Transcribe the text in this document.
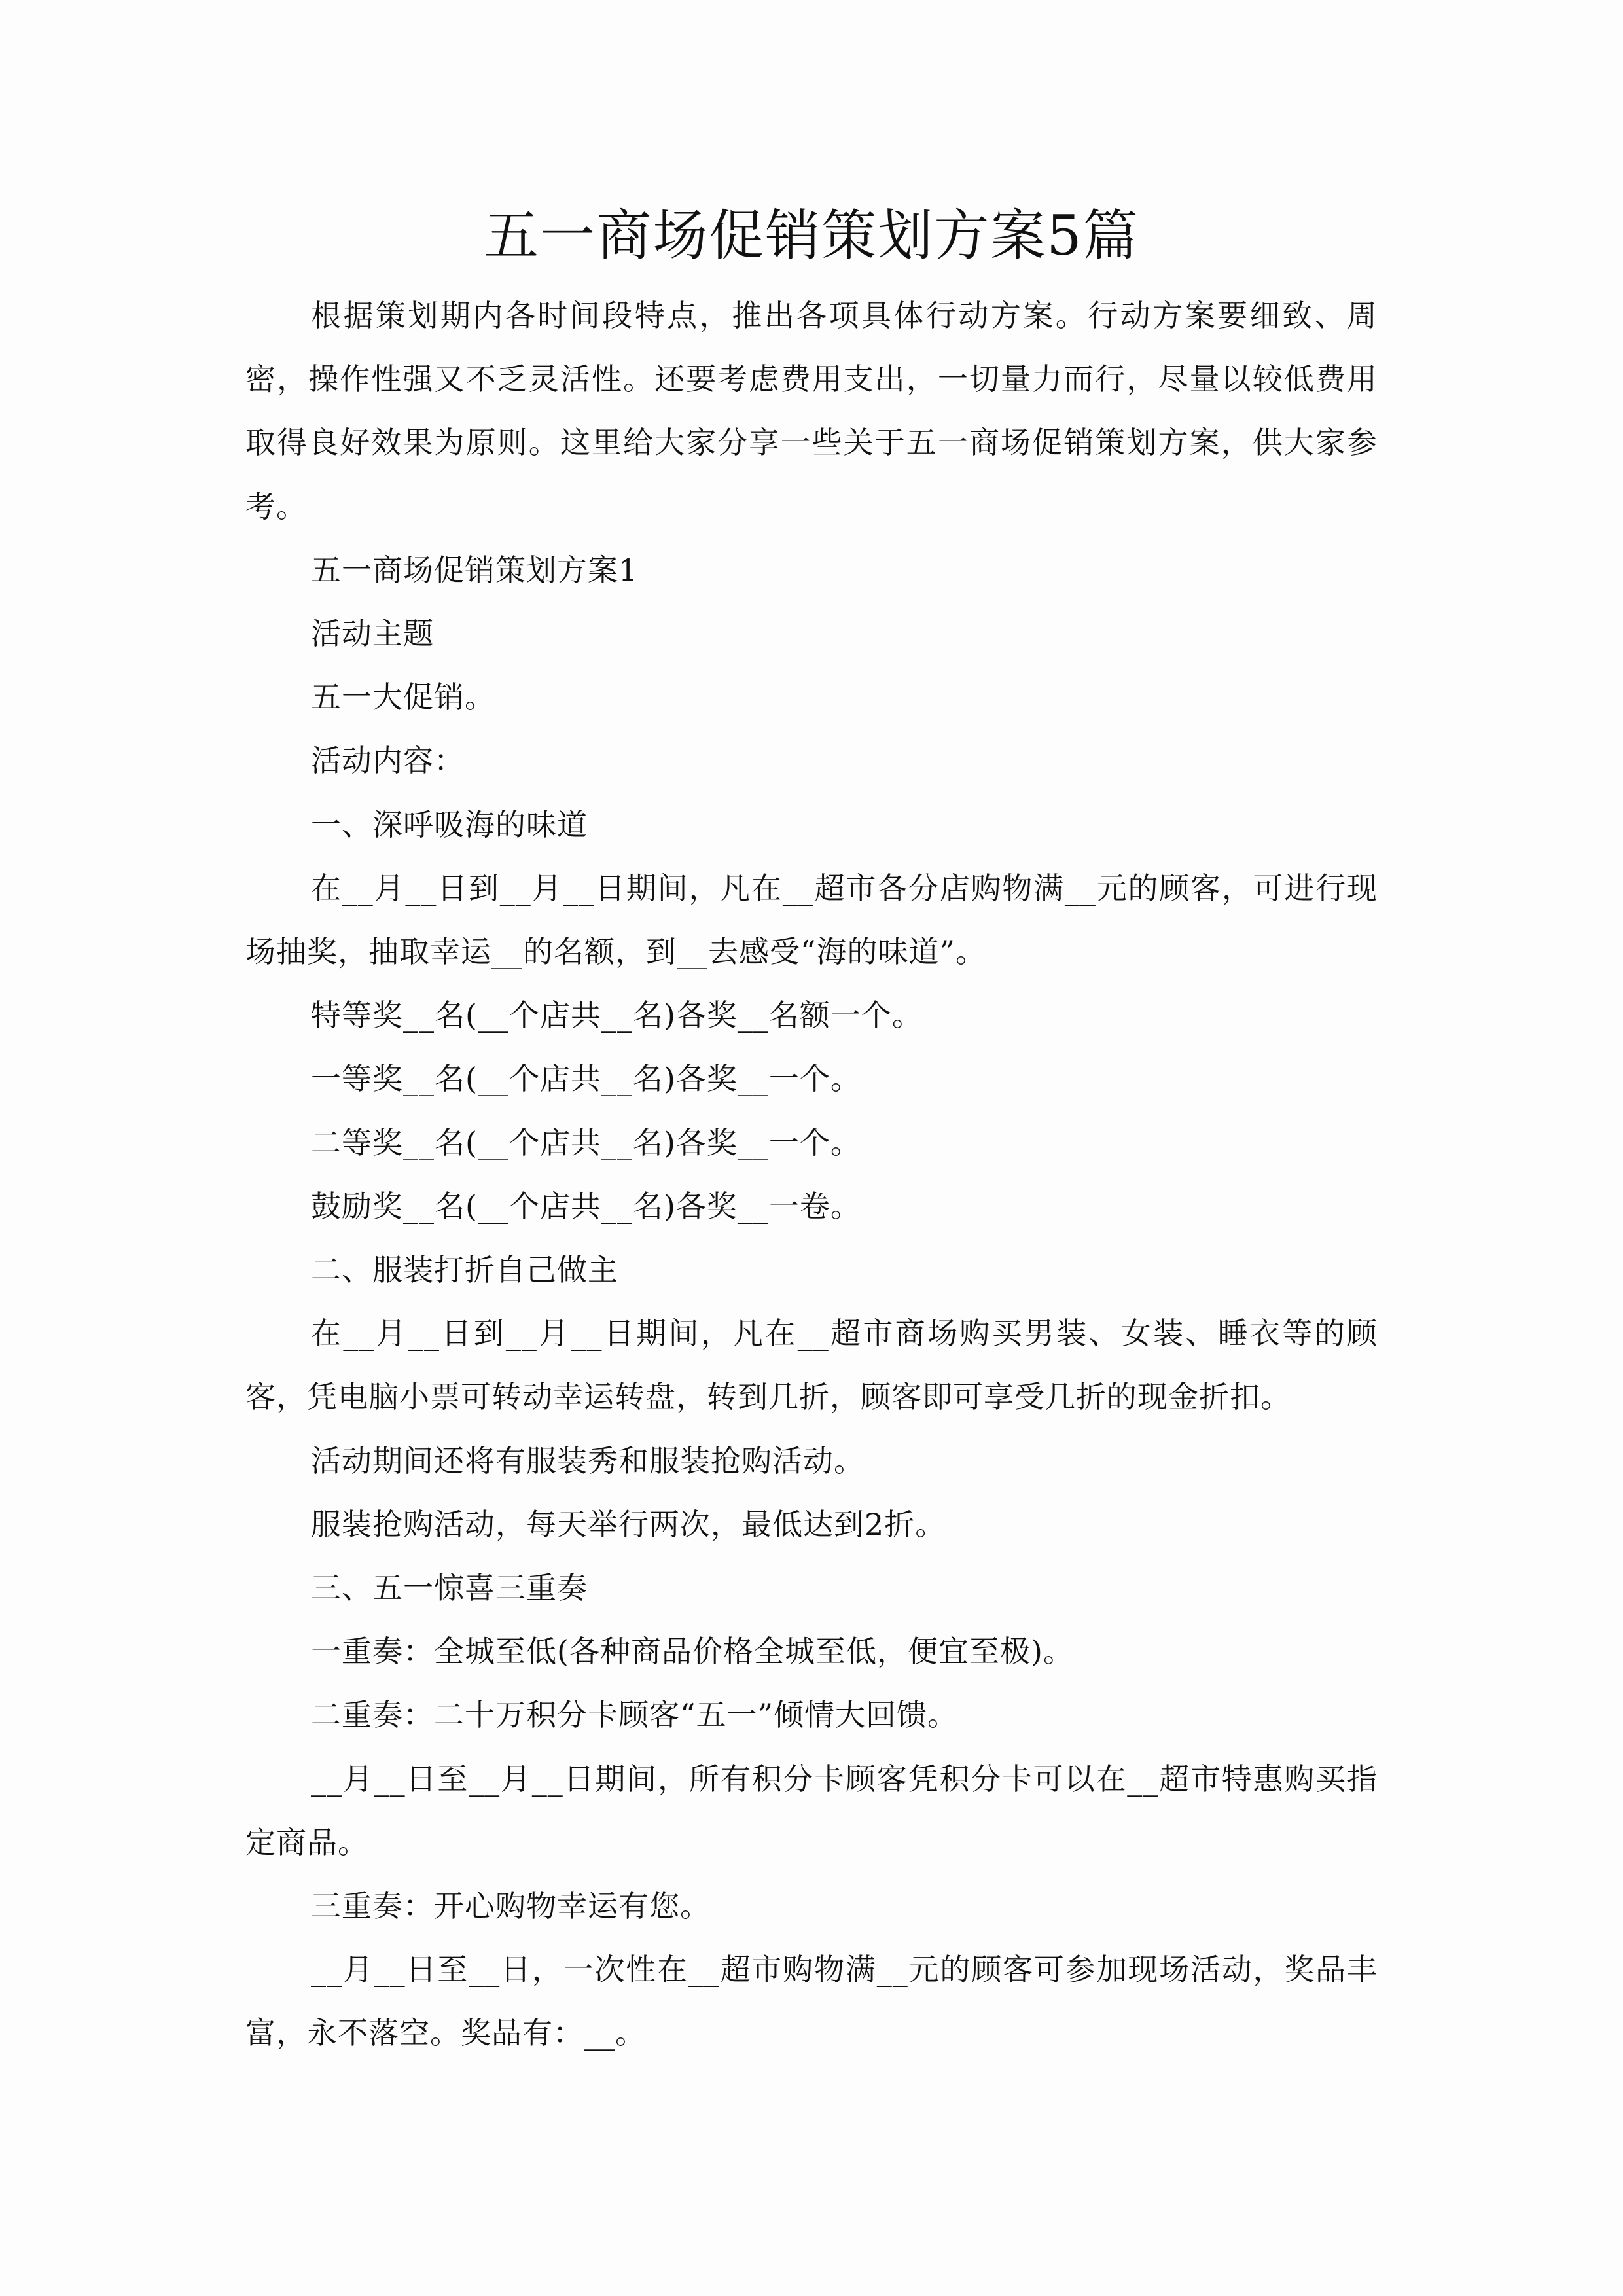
五一商场促销策划方案5篇

根据策划期内各时间段特点，推出各项具体行动方案。行动方案要细致、周密，操作性强又不乏灵活性。还要考虑费用支出，一切量力而行，尽量以较低费用取得良好效果为原则。这里给大家分享一些关于五一商场促销策划方案，供大家参考。

五一商场促销策划方案1

活动主题

五一大促销。

活动内容：

一、深呼吸海的味道

在__月__日到__月__日期间，凡在__超市各分店购物满__元的顾客，可进行现场抽奖，抽取幸运__的名额，到__去感受“海的味道”。

特等奖__名(__个店共__名)各奖__名额一个。

一等奖__名(__个店共__名)各奖__一个。

二等奖__名(__个店共__名)各奖__一个。

鼓励奖__名(__个店共__名)各奖__一卷。

二、服装打折自己做主

在__月__日到__月__日期间，凡在__超市商场购买男装、女装、睡衣等的顾客，凭电脑小票可转动幸运转盘，转到几折，顾客即可享受几折的现金折扣。

活动期间还将有服装秀和服装抢购活动。

服装抢购活动，每天举行两次，最低达到2折。

三、五一惊喜三重奏

一重奏：全城至低(各种商品价格全城至低，便宜至极)。

二重奏：二十万积分卡顾客“五一”倾情大回馈。

__月__日至__月__日期间，所有积分卡顾客凭积分卡可以在__超市特惠购买指定商品。

三重奏：开心购物幸运有您。

__月__日至__日，一次性在__超市购物满__元的顾客可参加现场活动，奖品丰富，永不落空。奖品有：__。
